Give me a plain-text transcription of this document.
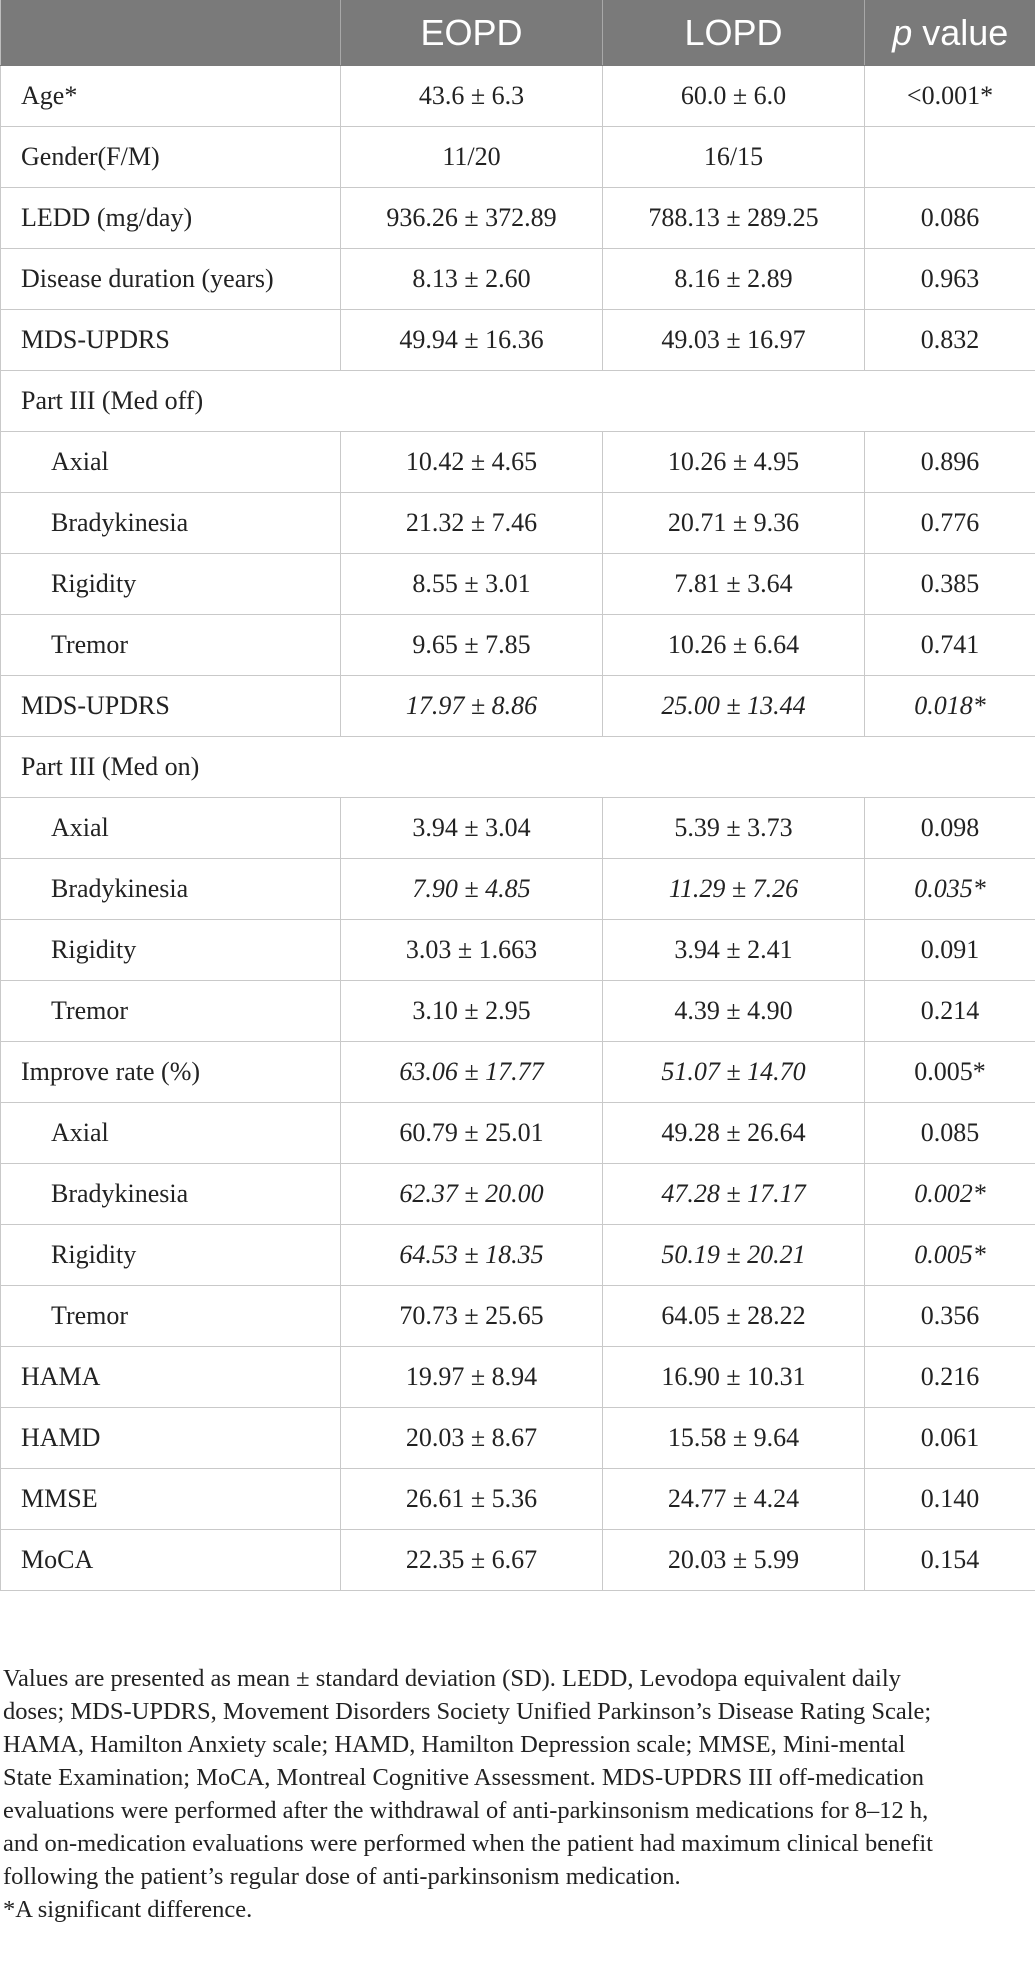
	EOPD	LOPD	p value
Age*	43.6 ± 6.3	60.0 ± 6.0	<0.001*
Gender(F/M)	11/20	16/15	
LEDD (mg/day)	936.26 ± 372.89	788.13 ± 289.25	0.086
Disease duration (years)	8.13 ± 2.60	8.16 ± 2.89	0.963
MDS-UPDRS	49.94 ± 16.36	49.03 ± 16.97	0.832
Part III (Med off)			
Axial	10.42 ± 4.65	10.26 ± 4.95	0.896
Bradykinesia	21.32 ± 7.46	20.71 ± 9.36	0.776
Rigidity	8.55 ± 3.01	7.81 ± 3.64	0.385
Tremor	9.65 ± 7.85	10.26 ± 6.64	0.741
MDS-UPDRS	17.97 ± 8.86	25.00 ± 13.44	0.018*
Part III (Med on)			
Axial	3.94 ± 3.04	5.39 ± 3.73	0.098
Bradykinesia	7.90 ± 4.85	11.29 ± 7.26	0.035*
Rigidity	3.03 ± 1.663	3.94 ± 2.41	0.091
Tremor	3.10 ± 2.95	4.39 ± 4.90	0.214
Improve rate (%)	63.06 ± 17.77	51.07 ± 14.70	0.005*
Axial	60.79 ± 25.01	49.28 ± 26.64	0.085
Bradykinesia	62.37 ± 20.00	47.28 ± 17.17	0.002*
Rigidity	64.53 ± 18.35	50.19 ± 20.21	0.005*
Tremor	70.73 ± 25.65	64.05 ± 28.22	0.356
HAMA	19.97 ± 8.94	16.90 ± 10.31	0.216
HAMD	20.03 ± 8.67	15.58 ± 9.64	0.061
MMSE	26.61 ± 5.36	24.77 ± 4.24	0.140
MoCA	22.35 ± 6.67	20.03 ± 5.99	0.154

Values are presented as mean ± standard deviation (SD). LEDD, Levodopa equivalent daily

doses; MDS-UPDRS, Movement Disorders Society Unified Parkinson’s Disease Rating Scale;

HAMA, Hamilton Anxiety scale; HAMD, Hamilton Depression scale; MMSE, Mini-mental

State Examination; MoCA, Montreal Cognitive Assessment. MDS-UPDRS III off-medication

evaluations were performed after the withdrawal of anti-parkinsonism medications for 8–12 h,

and on-medication evaluations were performed when the patient had maximum clinical benefit

following the patient’s regular dose of anti-parkinsonism medication.

*A significant difference.
